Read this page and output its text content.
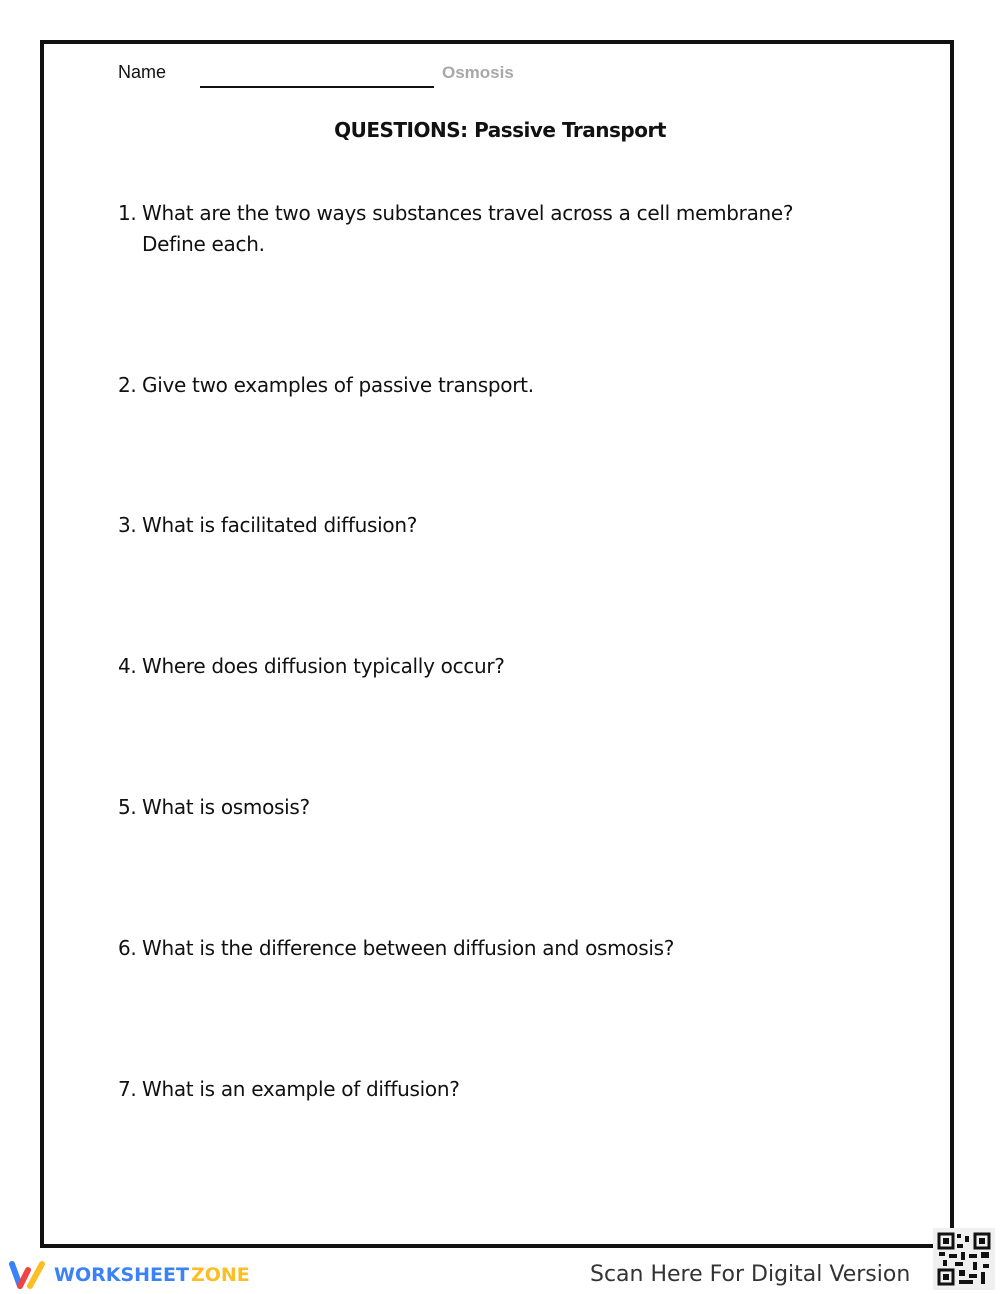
Name	Osmosis
QUESTIONS: Passive Transport
1. What are the two ways substances travel across a cell membrane?
Define each.
2. Give two examples of passive transport.
3. What is facilitated diffusion?
4. Where does diffusion typically occur?
5. What is osmosis?
6. What is the difference between diffusion and osmosis?
7. What is an example of diffusion?
WORKSHEET ZONE	Scan Here For Digital Version
